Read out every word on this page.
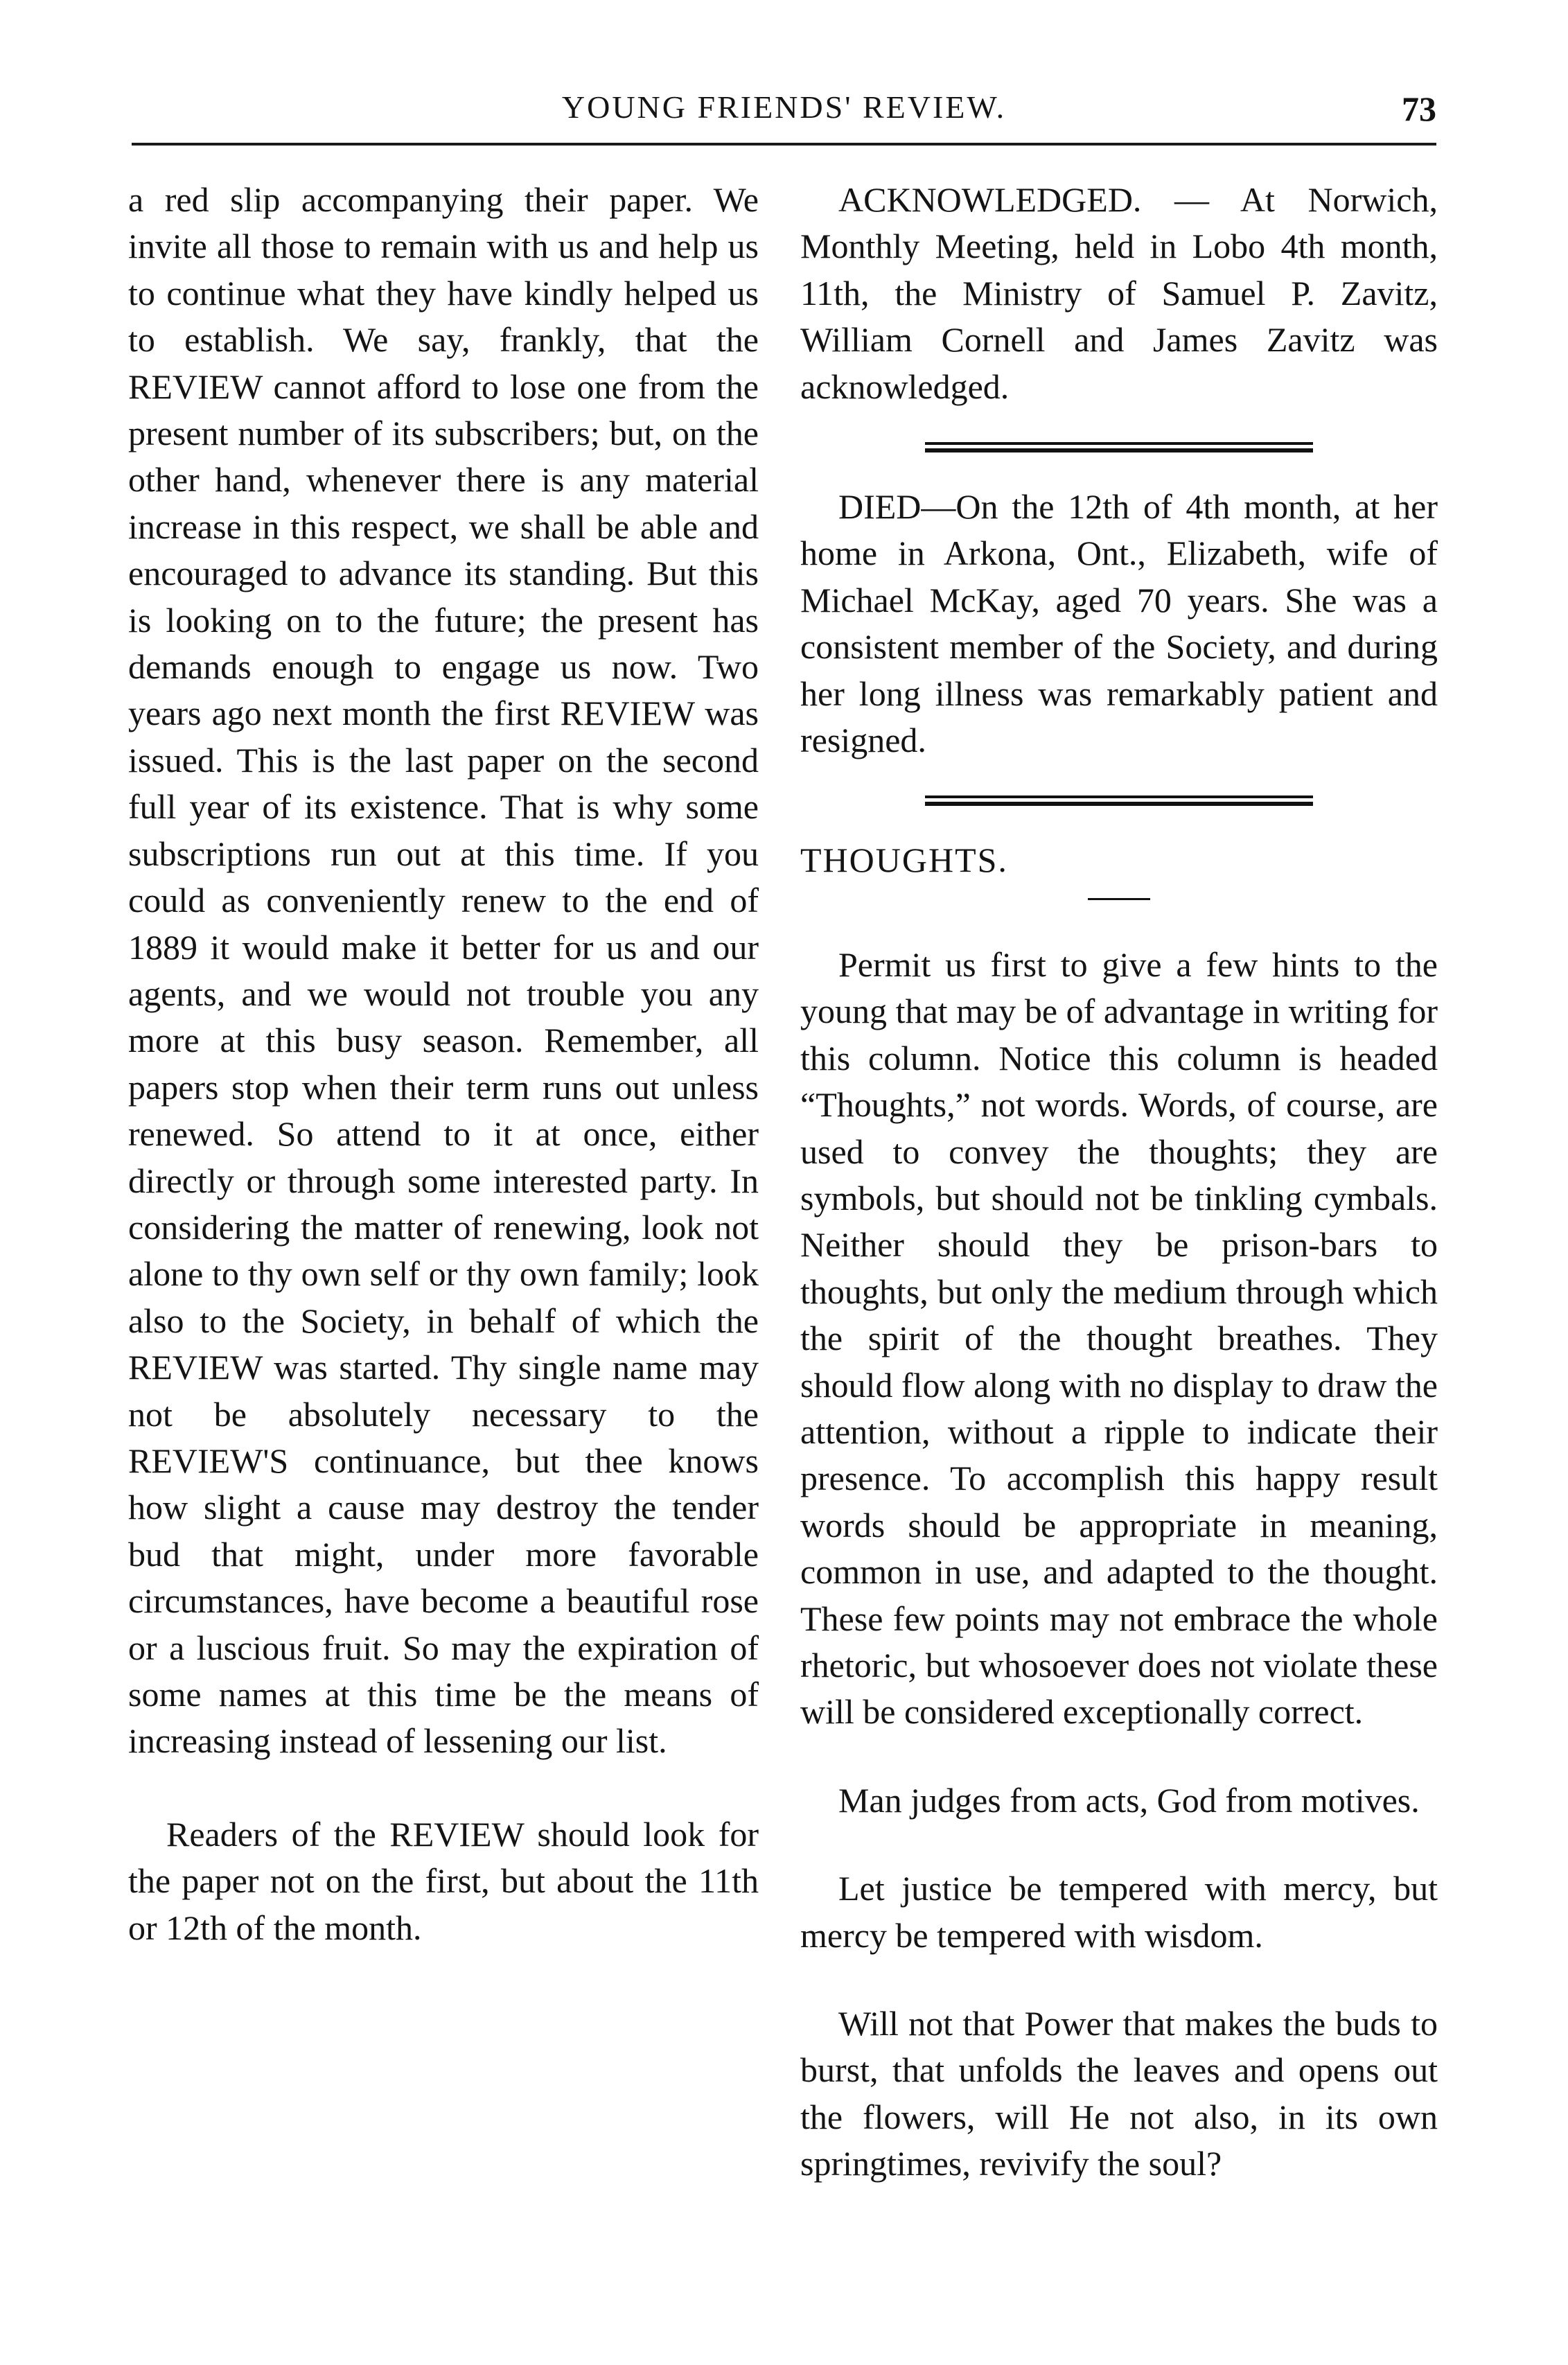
YOUNG FRIENDS' REVIEW.	73

a red slip accompanying their paper. We invite all those to remain with us and help us to continue what they have kindly helped us to establish. We say, frankly, that the REVIEW cannot afford to lose one from the present number of its subscribers; but, on the other hand, whenever there is any material increase in this respect, we shall be able and encouraged to advance its standing. But this is looking on to the future; the present has demands enough to engage us now. Two years ago next month the first REVIEW was issued. This is the last paper on the second full year of its existence. That is why some subscriptions run out at this time. If you could as conveniently renew to the end of 1889 it would make it better for us and our agents, and we would not trouble you any more at this busy season. Remember, all papers stop when their term runs out unless renewed. So attend to it at once, either directly or through some interested party. In considering the matter of renewing, look not alone to thy own self or thy own family; look also to the Society, in behalf of which the REVIEW was started. Thy single name may not be absolutely necessary to the REVIEW'S continuance, but thee knows how slight a cause may destroy the tender bud that might, under more favorable circumstances, have become a beautiful rose or a luscious fruit. So may the expiration of some names at this time be the means of increasing instead of lessening our list.

Readers of the REVIEW should look for the paper not on the first, but about the 11th or 12th of the month.

ACKNOWLEDGED. — At Norwich, Monthly Meeting, held in Lobo 4th month, 11th, the Ministry of Samuel P. Zavitz, William Cornell and James Zavitz was acknowledged.

DIED—On the 12th of 4th month, at her home in Arkona, Ont., Elizabeth, wife of Michael McKay, aged 70 years. She was a consistent member of the Society, and during her long illness was remarkably patient and resigned.

THOUGHTS.

Permit us first to give a few hints to the young that may be of advantage in writing for this column. Notice this column is headed “Thoughts,” not words. Words, of course, are used to convey the thoughts; they are symbols, but should not be tinkling cymbals. Neither should they be prison-bars to thoughts, but only the medium through which the spirit of the thought breathes. They should flow along with no display to draw the attention, without a ripple to indicate their presence. To accomplish this happy result words should be appropriate in meaning, common in use, and adapted to the thought. These few points may not embrace the whole rhetoric, but whosoever does not violate these will be considered exceptionally correct.

Man judges from acts, God from motives.

Let justice be tempered with mercy, but mercy be tempered with wisdom.

Will not that Power that makes the buds to burst, that unfolds the leaves and opens out the flowers, will He not also, in its own springtimes, revivify the soul?
